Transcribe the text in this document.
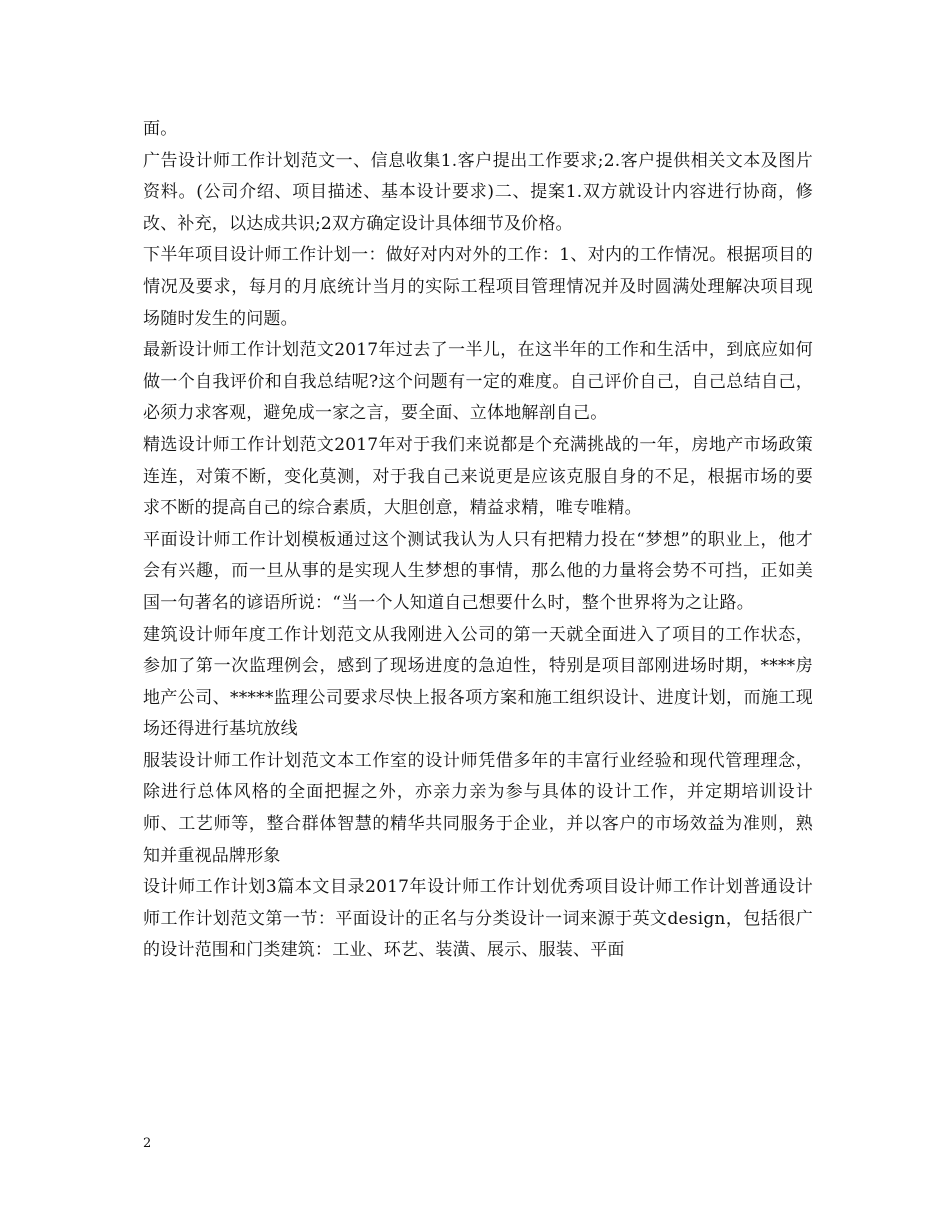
面。

广告设计师工作计划范文一、信息收集1.客户提出工作要求;2.客户提供相关文本及图片资料。(公司介绍、项目描述、基本设计要求)二、提案1.双方就设计内容进行协商，修改、补充，以达成共识;2双方确定设计具体细节及价格。

下半年项目设计师工作计划一：做好对内对外的工作：1、对内的工作情况。根据项目的情况及要求，每月的月底统计当月的实际工程项目管理情况并及时圆满处理解决项目现场随时发生的问题。

最新设计师工作计划范文2017年过去了一半儿，在这半年的工作和生活中，到底应如何做一个自我评价和自我总结呢?这个问题有一定的难度。自己评价自己，自己总结自己，必须力求客观，避免成一家之言，要全面、立体地解剖自己。

精选设计师工作计划范文2017年对于我们来说都是个充满挑战的一年，房地产市场政策连连，对策不断，变化莫测，对于我自己来说更是应该克服自身的不足，根据市场的要求不断的提高自己的综合素质，大胆创意，精益求精，唯专唯精。

平面设计师工作计划模板通过这个测试我认为人只有把精力投在“梦想”的职业上，他才会有兴趣，而一旦从事的是实现人生梦想的事情，那么他的力量将会势不可挡，正如美国一句著名的谚语所说：“当一个人知道自己想要什么时，整个世界将为之让路。

建筑设计师年度工作计划范文从我刚进入公司的第一天就全面进入了项目的工作状态，参加了第一次监理例会，感到了现场进度的急迫性，特别是项目部刚进场时期，****房地产公司、*****监理公司要求尽快上报各项方案和施工组织设计、进度计划，而施工现场还得进行基坑放线

服装设计师工作计划范文本工作室的设计师凭借多年的丰富行业经验和现代管理理念，除进行总体风格的全面把握之外，亦亲力亲为参与具体的设计工作，并定期培训设计师、工艺师等，整合群体智慧的精华共同服务于企业，并以客户的市场效益为准则，熟知并重视品牌形象

设计师工作计划3篇本文目录2017年设计师工作计划优秀项目设计师工作计划普通设计师工作计划范文第一节：平面设计的正名与分类设计一词来源于英文design，包括很广的设计范围和门类建筑：工业、环艺、装潢、展示、服装、平面

2
